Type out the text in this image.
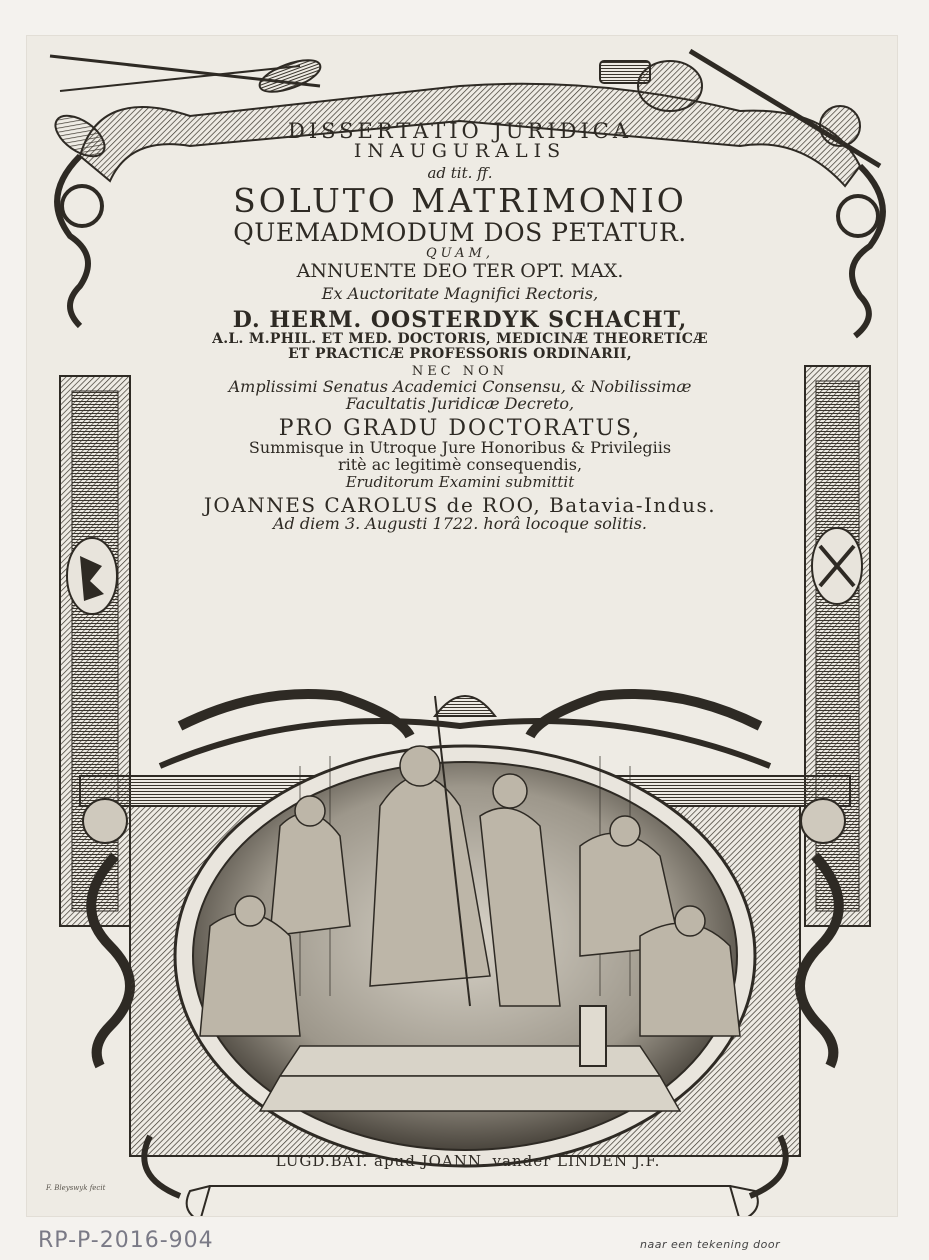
DISSERTATIO JURIDICA
INAUGURALIS
ad tit. ff.
SOLUTO MATRIMONIO
QUEMADMODUM DOS PETATUR.
QUAM,
ANNUENTE DEO TER OPT. MAX.
Ex Auctoritate Magnifici Rectoris,
D. HERM. OOSTERDYK SCHACHT,
A.L. M.PHIL. ET MED. DOCTORIS, MEDICINÆ THEORETICÆ
ET PRACTICÆ PROFESSORIS ORDINARII,
NEC NON
Amplissimi Senatus Academici Consensu, & Nobilissimæ
Facultatis Juridicæ Decreto,
PRO GRADU DOCTORATUS,
Summisque in Utroque Jure Honoribus & Privilegiis
ritè ac legitimè consequendis,
Eruditorum Examini submittit
JOANNES CAROLUS de ROO, Batavia-Indus.
Ad diem 3. Augusti 1722. horâ locoque solitis.
LUGD.BAT. apud JOANN. vander LINDEN J.F.
F. Bleyswyk fecit
RP-P-2016-904	naar een tekening door
